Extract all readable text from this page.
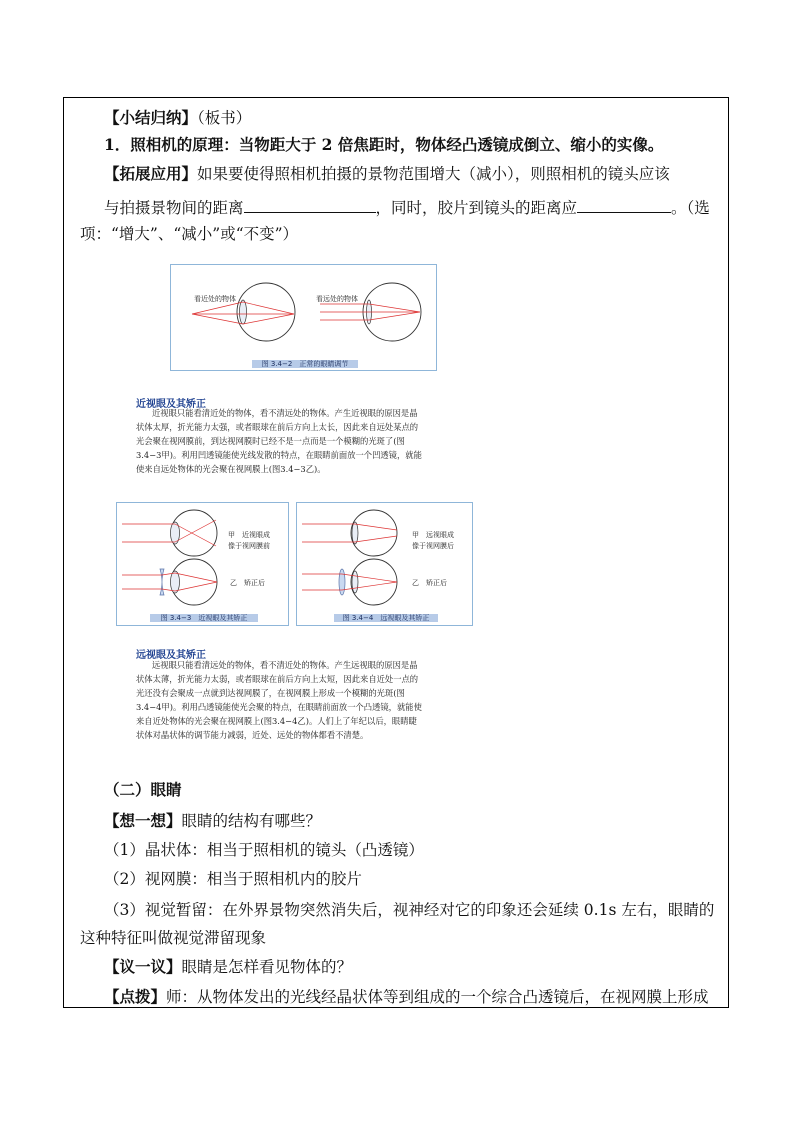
【小结归纳】（板书）
1．照相机的原理：当物距大于 2 倍焦距时，物体经凸透镜成倒立、缩小的实像。
【拓展应用】如果要使得照相机拍摄的景物范围增大（减小），则照相机的镜头应该
与拍摄景物间的距离	，同时，胶片到镜头的距离应	。（选
项：“增大”、“减小”或“不变”）
看近处的物体	看远处的物体
图 3.4−2　正常的眼睛调节
近视眼及其矫正
近视眼只能看清近处的物体，看不清远处的物体。产生近视眼的原因是晶
状体太厚，折光能力太强，或者眼球在前后方向上太长，因此来自远处某点的
光会聚在视网膜前，到达视网膜时已经不是一点而是一个模糊的光斑了(图
3.4−3甲)。利用凹透镜能使光线发散的特点，在眼睛前面放一个凹透镜，就能
使来自远处物体的光会聚在视网膜上(图3.4−3乙)。
甲　近视眼成
像于视网膜前
乙　矫正后
图 3.4−3　近视眼及其矫正
甲　远视眼成
像于视网膜后
乙　矫正后
图 3.4−4　远视眼及其矫正
远视眼及其矫正
远视眼只能看清远处的物体，看不清近处的物体。产生远视眼的原因是晶
状体太薄，折光能力太弱，或者眼球在前后方向上太短，因此来自近处一点的
光还没有会聚成一点就到达视网膜了，在视网膜上形成一个模糊的光斑(图
3.4−4甲)。利用凸透镜能使光会聚的特点，在眼睛前面放一个凸透镜，就能使
来自近处物体的光会聚在视网膜上(图3.4−4乙)。人们上了年纪以后，眼睛睫
状体对晶状体的调节能力减弱，近处、远处的物体都看不清楚。
（二）眼睛
【想一想】眼睛的结构有哪些？
（1）晶状体：相当于照相机的镜头（凸透镜）
（2）视网膜：相当于照相机内的胶片
（3）视觉暂留：在外界景物突然消失后，视神经对它的印象还会延续 0.1s 左右，眼睛的
这种特征叫做视觉滞留现象
【议一议】眼睛是怎样看见物体的？
【点拨】师：从物体发出的光线经晶状体等到组成的一个综合凸透镜后，在视网膜上形成
